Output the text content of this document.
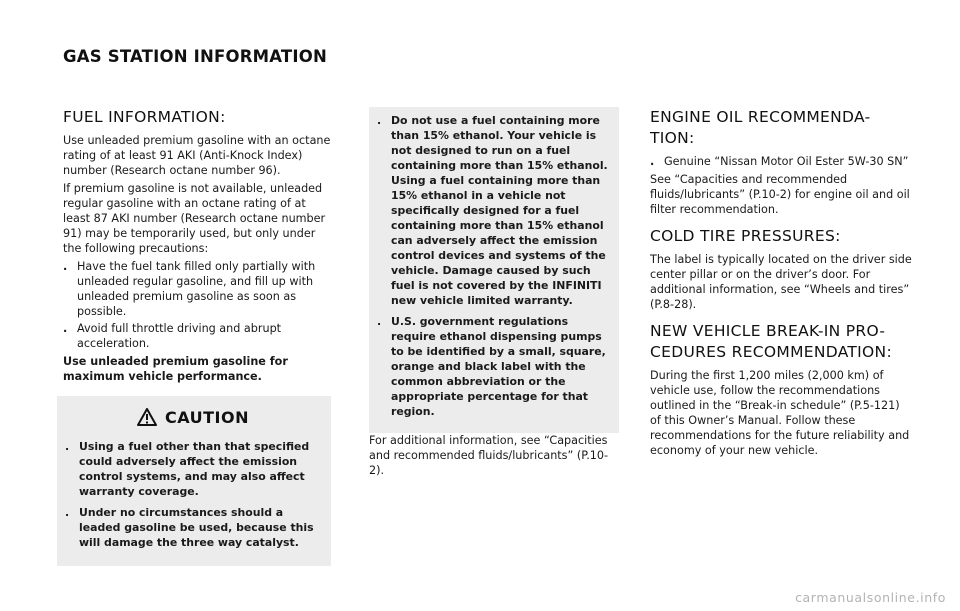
GAS STATION INFORMATION
FUEL INFORMATION:

Use unleaded premium gasoline with an octane rating of at least 91 AKI (Anti-Knock Index) number (Research octane number 96).

If premium gasoline is not available, unleaded regular gasoline with an octane rating of at least 87 AKI number (Research octane number 91) may be temporarily used, but only under the following precautions:

. Have the fuel tank filled only partially with unleaded regular gasoline, and fill up with unleaded premium gasoline as soon as possible.
. Avoid full throttle driving and abrupt acceleration.

Use unleaded premium gasoline for maximum vehicle performance.

CAUTION
. Using a fuel other than that specified could adversely affect the emission control systems, and may also affect warranty coverage.
. Under no circumstances should a leaded gasoline be used, because this will damage the three way catalyst.
. Do not use a fuel containing more than 15% ethanol. Your vehicle is not designed to run on a fuel containing more than 15% ethanol. Using a fuel containing more than 15% ethanol in a vehicle not specifically designed for a fuel containing more than 15% ethanol can adversely affect the emission control devices and systems of the vehicle. Damage caused by such fuel is not covered by the INFINITI new vehicle limited warranty.
. U.S. government regulations require ethanol dispensing pumps to be identified by a small, square, orange and black label with the common abbreviation or the appropriate percentage for that region.

For additional information, see “Capacities and recommended fluids/lubricants” (P.10-2).

ENGINE OIL RECOMMENDA-
TION:
. Genuine “Nissan Motor Oil Ester 5W-30 SN”

See “Capacities and recommended fluids/lubricants” (P.10-2) for engine oil and oil filter recommendation.

COLD TIRE PRESSURES:

The label is typically located on the driver side center pillar or on the driver’s door. For additional information, see “Wheels and tires” (P.8-28).

NEW VEHICLE BREAK-IN PRO-
CEDURES RECOMMENDATION:

During the first 1,200 miles (2,000 km) of vehicle use, follow the recommendations outlined in the “Break-in schedule” (P.5-121) of this Owner’s Manual. Follow these recommendations for the future reliability and economy of your new vehicle.

carmanualsonline.info
